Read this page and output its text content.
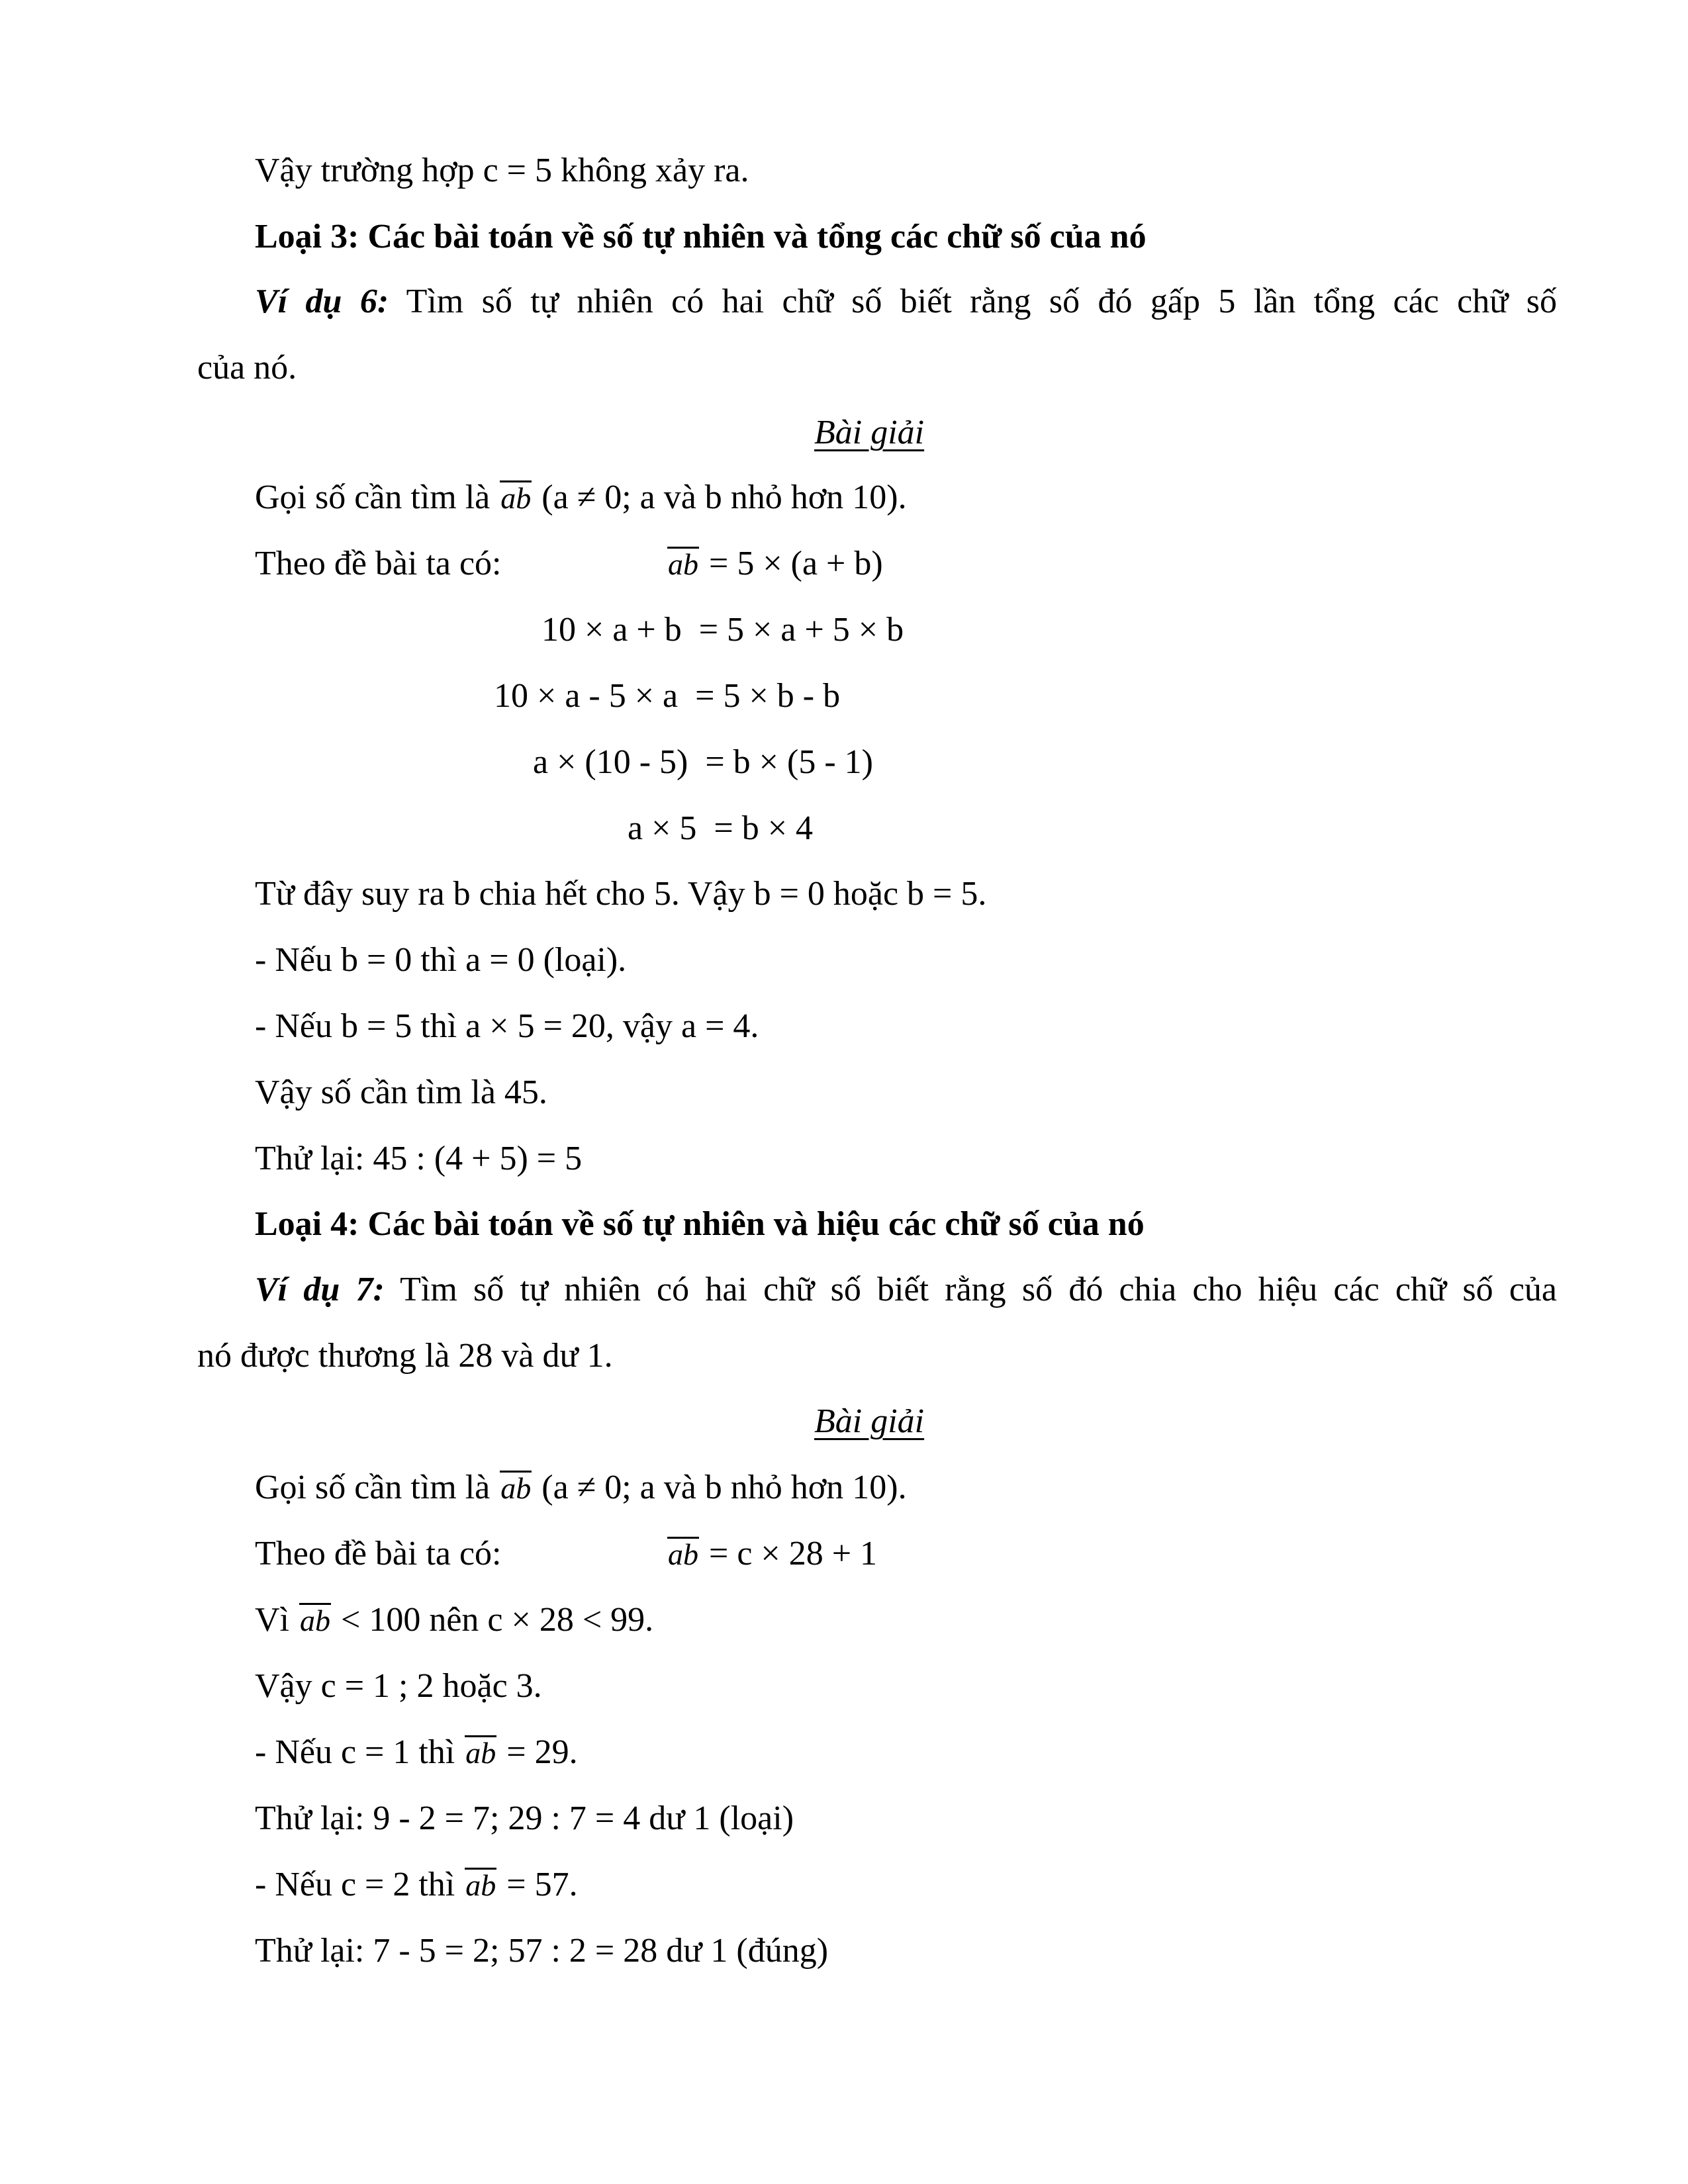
Vậy trường hợp c = 5 không xảy ra.
Loại 3: Các bài toán về số tự nhiên và tổng các chữ số của nó
Ví dụ 6: Tìm số tự nhiên có hai chữ số biết rằng số đó gấp 5 lần tổng các chữ số
của nó.
Bài giải
Gọi số cần tìm là ab (a ≠ 0; a và b nhỏ hơn 10).
Theo đề bài ta có:	ab = 5 × (a + b)
10 × a + b  = 5 × a + 5 × b
10 × a - 5 × a  = 5 × b - b
a × (10 - 5)  = b × (5 - 1)
a × 5  = b × 4
Từ đây suy ra b chia hết cho 5. Vậy b = 0 hoặc b = 5.
- Nếu b = 0 thì a = 0 (loại).
- Nếu b = 5 thì a × 5 = 20, vậy a = 4.
Vậy số cần tìm là 45.
Thử lại: 45 : (4 + 5) = 5
Loại 4: Các bài toán về số tự nhiên và hiệu các chữ số của nó
Ví dụ 7: Tìm số tự nhiên có hai chữ số biết rằng số đó chia cho hiệu các chữ số của
nó được thương là 28 và dư 1.
Bài giải
Gọi số cần tìm là ab (a ≠ 0; a và b nhỏ hơn 10).
Theo đề bài ta có:	ab = c × 28 + 1
Vì ab < 100 nên c × 28 < 99.
Vậy c = 1 ; 2 hoặc 3.
- Nếu c = 1 thì ab = 29.
Thử lại: 9 - 2 = 7; 29 : 7 = 4 dư 1 (loại)
- Nếu c = 2 thì ab = 57.
Thử lại: 7 - 5 = 2; 57 : 2 = 28 dư 1 (đúng)
